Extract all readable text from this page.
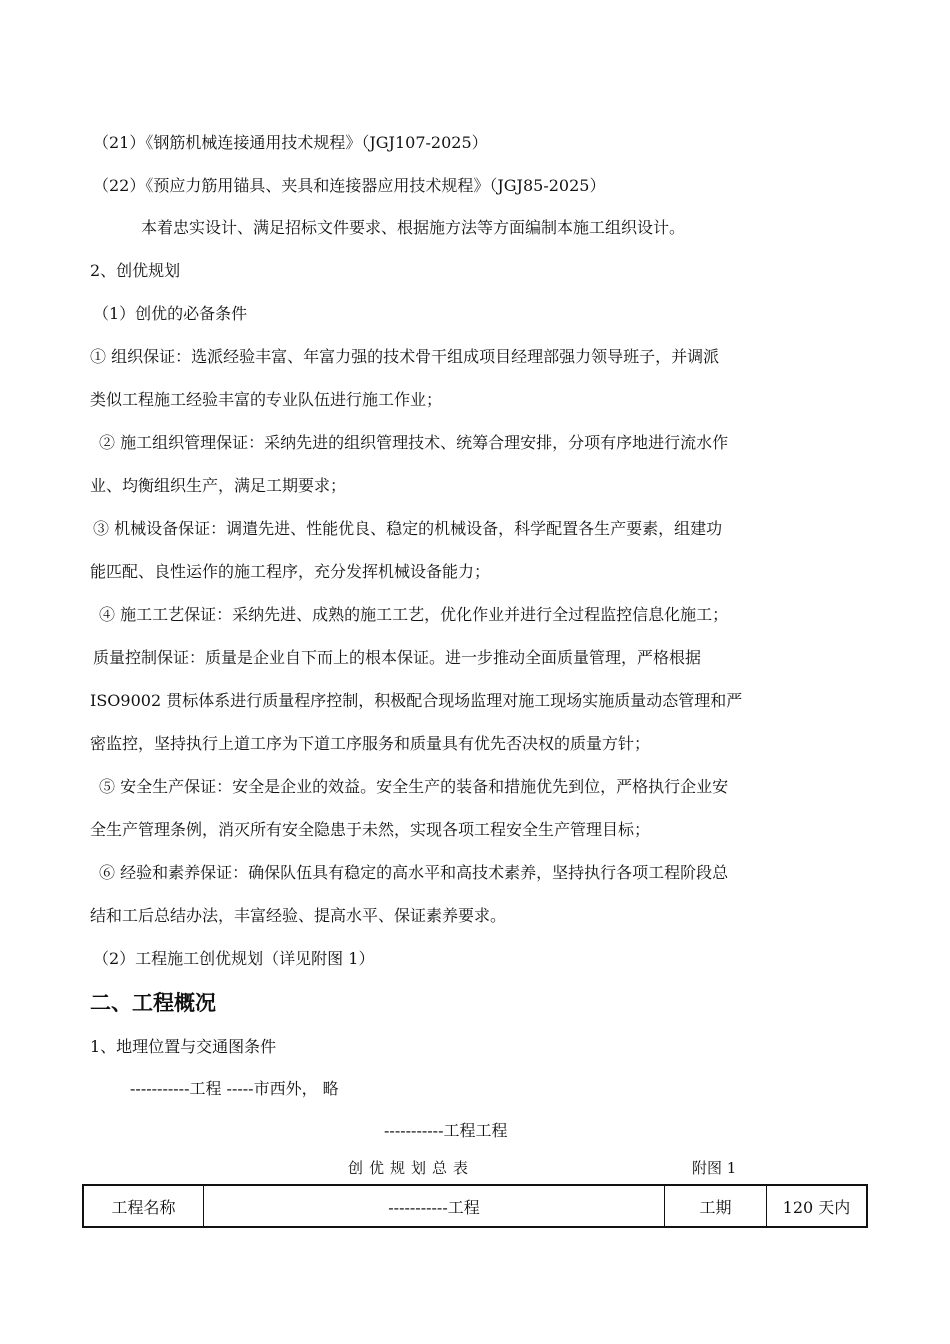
（21）《钢筋机械连接通用技术规程》（JGJ107-2025）
（22）《预应力筋用锚具、夹具和连接器应用技术规程》（JGJ85-2025）
本着忠实设计、满足招标文件要求、根据施方法等方面编制本施工组织设计。
2、创优规划
（1）创优的必备条件
① 组织保证：选派经验丰富、年富力强的技术骨干组成项目经理部强力领导班子，并调派
类似工程施工经验丰富的专业队伍进行施工作业；
② 施工组织管理保证：采纳先进的组织管理技术、统筹合理安排，分项有序地进行流水作
业、均衡组织生产，满足工期要求；
③ 机械设备保证：调遣先进、性能优良、稳定的机械设备，科学配置各生产要素，组建功
能匹配、良性运作的施工程序，充分发挥机械设备能力；
④ 施工工艺保证：采纳先进、成熟的施工工艺，优化作业并进行全过程监控信息化施工；
质量控制保证：质量是企业自下而上的根本保证。进一步推动全面质量管理，严格根据
ISO9002 贯标体系进行质量程序控制，积极配合现场监理对施工现场实施质量动态管理和严
密监控，坚持执行上道工序为下道工序服务和质量具有优先否决权的质量方针；
⑤ 安全生产保证：安全是企业的效益。安全生产的装备和措施优先到位，严格执行企业安
全生产管理条例，消灭所有安全隐患于未然，实现各项工程安全生产管理目标；
⑥ 经验和素养保证：确保队伍具有稳定的高水平和高技术素养，坚持执行各项工程阶段总
结和工后总结办法，丰富经验、提高水平、保证素养要求。
（2）工程施工创优规划（详见附图 1）
二、工程概况
1、地理位置与交通图条件
-----------工程 -----市西外， 略
-----------工程工程
创优规划总表	附图 1
工程名称	-----------工程	工期	120 天内
